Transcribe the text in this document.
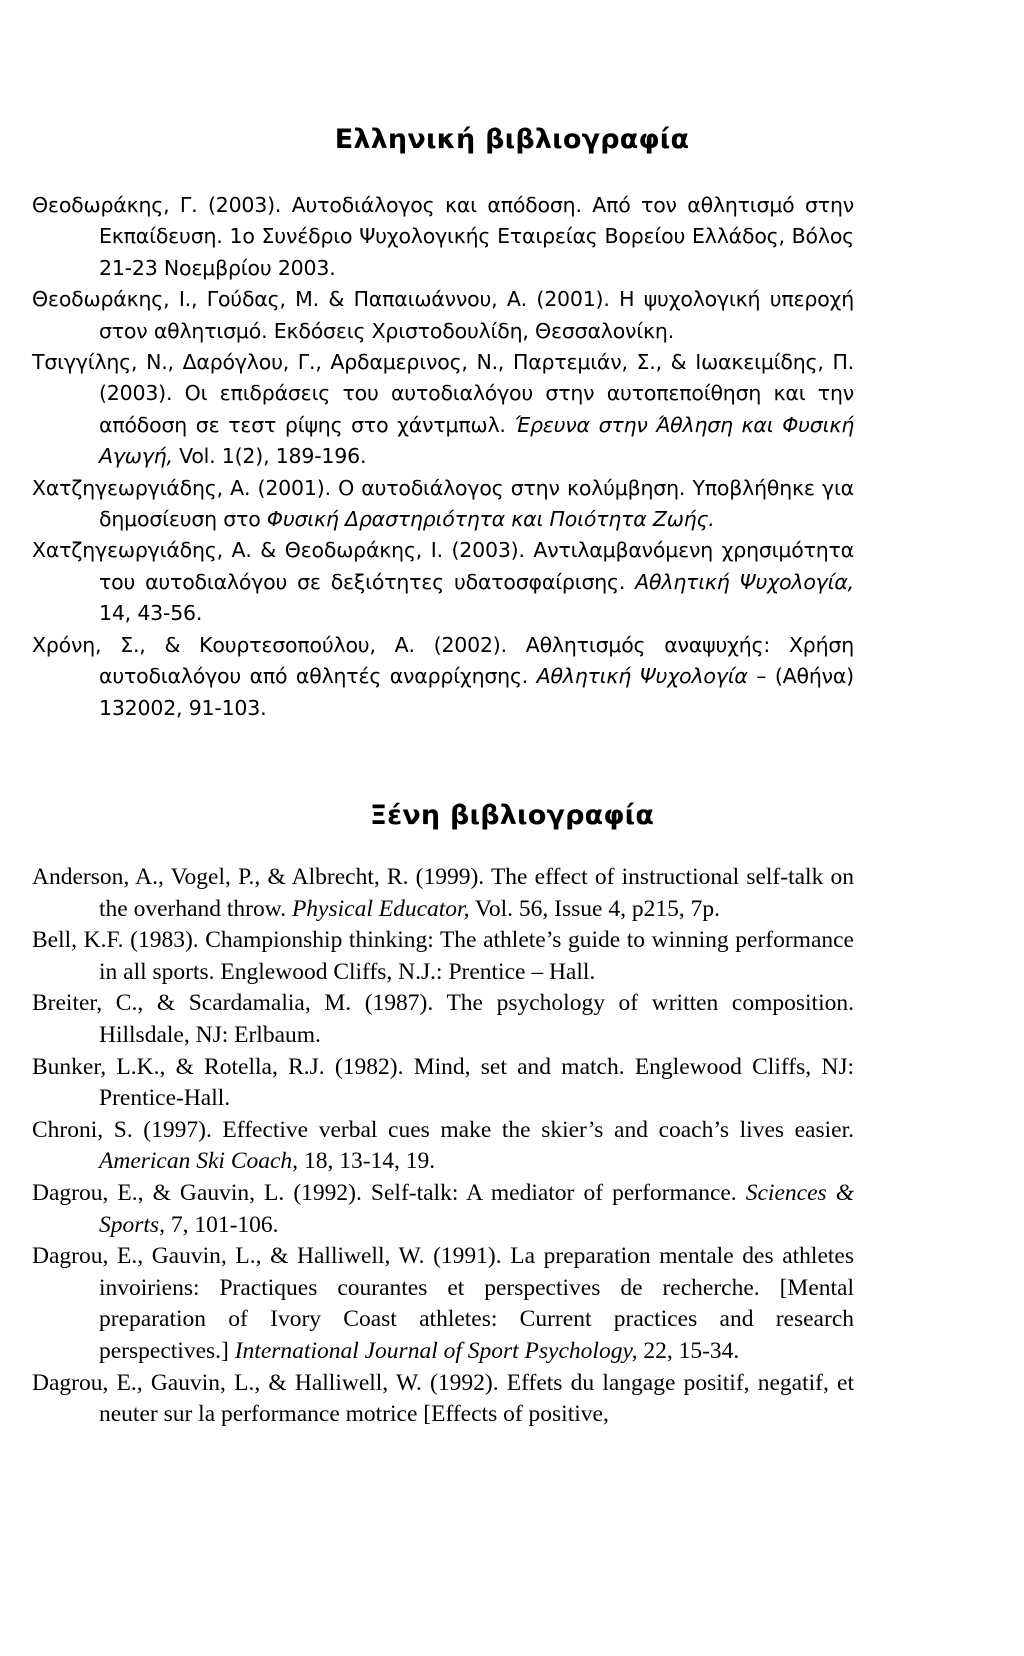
Ελληνική βιβλιογραφία
Θεοδωράκης, Γ. (2003). Αυτοδιάλογος και απόδοση. Από τον αθλητισμό στην Εκπαίδευση. 1ο Συνέδριο Ψυχολογικής Εταιρείας Βορείου Ελλάδος, Βόλος 21-23 Νοεμβρίου 2003.
Θεοδωράκης, Ι., Γούδας, Μ. & Παπαιωάννου, Α. (2001). Η ψυχολογική υπεροχή στον αθλητισμό. Εκδόσεις Χριστοδουλίδη, Θεσσαλονίκη.
Τσιγγίλης, Ν., Δαρόγλου, Γ., Αρδαμερινος, Ν., Παρτεμιάν, Σ., & Ιωακειμίδης, Π. (2003). Οι επιδράσεις του αυτοδιαλόγου στην αυτοπεποίθηση και την απόδοση σε τεστ ρίψης στο χάντμπωλ. Έρευνα στην Άθληση και Φυσική Αγωγή, Vol. 1(2), 189-196.
Χατζηγεωργιάδης, Α. (2001). Ο αυτοδιάλογος στην κολύμβηση. Υποβλήθηκε για δημοσίευση στο Φυσική Δραστηριότητα και Ποιότητα Ζωής.
Χατζηγεωργιάδης, Α. & Θεοδωράκης, Ι. (2003). Αντιλαμβανόμενη χρησιμότητα του αυτοδιαλόγου σε δεξιότητες υδατοσφαίρισης. Αθλητική Ψυχολογία, 14, 43-56.
Χρόνη, Σ., & Κουρτεσοπούλου, Α. (2002). Αθλητισμός αναψυχής: Χρήση αυτοδιαλόγου από αθλητές αναρρίχησης. Αθλητική Ψυχολογία – (Αθήνα) 132002, 91-103.
Ξένη βιβλιογραφία
Anderson, A., Vogel, P., & Albrecht, R. (1999). The effect of instructional self-talk on the overhand throw. Physical Educator, Vol. 56, Issue 4, p215, 7p.
Bell, K.F. (1983). Championship thinking: The athlete’s guide to winning performance in all sports. Englewood Cliffs, N.J.: Prentice – Hall.
Breiter, C., & Scardamalia, M. (1987). The psychology of written composition. Hillsdale, NJ: Erlbaum.
Bunker, L.K., & Rotella, R.J. (1982). Mind, set and match. Englewood Cliffs, NJ: Prentice-Hall.
Chroni, S. (1997). Effective verbal cues make the skier’s and coach’s lives easier. American Ski Coach, 18, 13-14, 19.
Dagrou, E., & Gauvin, L. (1992). Self-talk: A mediator of performance. Sciences & Sports, 7, 101-106.
Dagrou, E., Gauvin, L., & Halliwell, W. (1991). La preparation mentale des athletes invoiriens: Practiques courantes et perspectives de recherche. [Mental preparation of Ivory Coast athletes: Current practices and research perspectives.] International Journal of Sport Psychology, 22, 15-34.
Dagrou, E., Gauvin, L., & Halliwell, W. (1992). Effets du langage positif, negatif, et neuter sur la performance motrice [Effects of positive,
